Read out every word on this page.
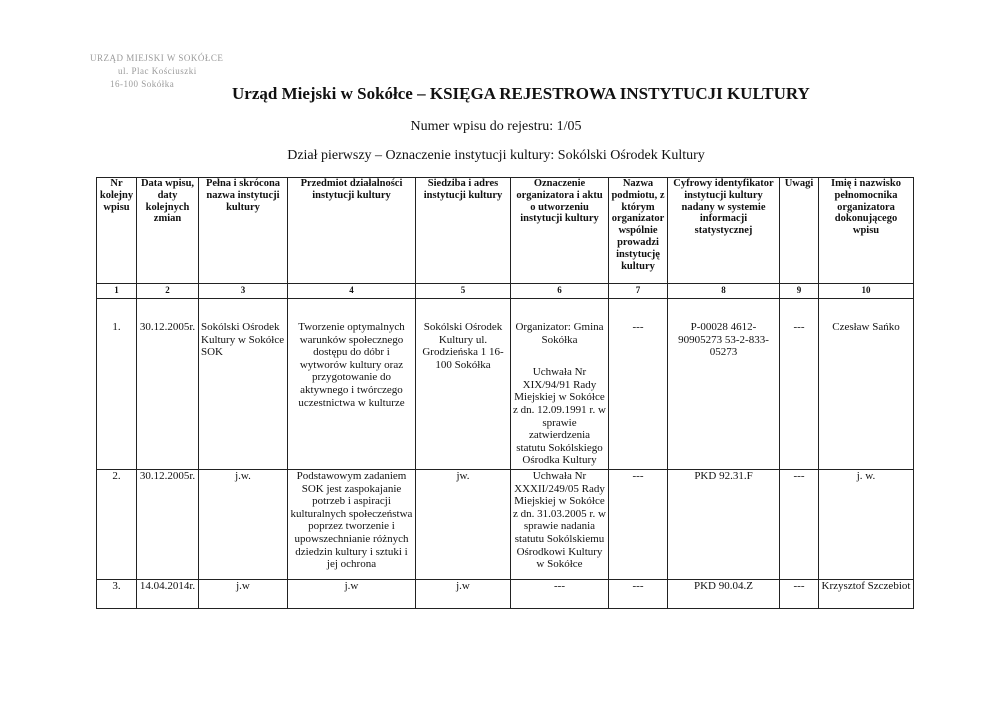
URZĄD MIEJSKI W SOKÓŁCE
ul. Plac Kościuszki
16-100 Sokółka	Urząd Miejski w Sokółce – KSIĘGA REJESTROWA INSTYTUCJI KULTURY
Numer wpisu do rejestru: 1/05
Dział pierwszy – Oznaczenie instytucji kultury: Sokólski Ośrodek Kultury
Nr kolejny wpisu	Data wpisu, daty kolejnych zmian	Pełna i skrócona nazwa instytucji kultury	Przedmiot działalności instytucji kultury	Siedziba i adres instytucji kultury	Oznaczenie organizatora i aktu o utworzeniu instytucji kultury	Nazwa podmiotu, z którym organizator wspólnie prowadzi instytucję kultury	Cyfrowy identyfikator instytucji kultury nadany w systemie informacji statystycznej	Uwagi	Imię i nazwisko pełnomocnika organizatora dokonującego wpisu
1	2	3	4	5	6	7	8	9	10
1.	30.12.2005r.	Sokólski Ośrodek Kultury w Sokółce SOK	Tworzenie optymalnych warunków społecznego dostępu do dóbr i wytworów kultury oraz przygotowanie do aktywnego i twórczego uczestnictwa w kulturze	Sokólski Ośrodek Kultury ul. Grodzieńska 1 16-100 Sokółka	Organizator: Gmina Sokółka
Uchwała Nr XIX/94/91 Rady Miejskiej w Sokółce z dn. 12.09.1991 r. w sprawie zatwierdzenia statutu Sokólskiego Ośrodka Kultury	---	P-00028 4612-90905273 53-2-833-05273	---	Czesław Sańko
2.	30.12.2005r.	j.w.	Podstawowym zadaniem SOK jest zaspokajanie potrzeb i aspiracji kulturalnych społeczeństwa poprzez tworzenie i upowszechnianie różnych dziedzin kultury i sztuki i jej ochrona	jw.	Uchwała Nr XXXII/249/05 Rady Miejskiej w Sokółce z dn. 31.03.2005 r. w sprawie nadania statutu Sokólskiemu Ośrodkowi Kultury w Sokółce	---	PKD 92.31.F	---	j. w.
3.	14.04.2014r.	j.w	j.w	j.w	---	---	PKD 90.04.Z	---	Krzysztof Szczebiot
